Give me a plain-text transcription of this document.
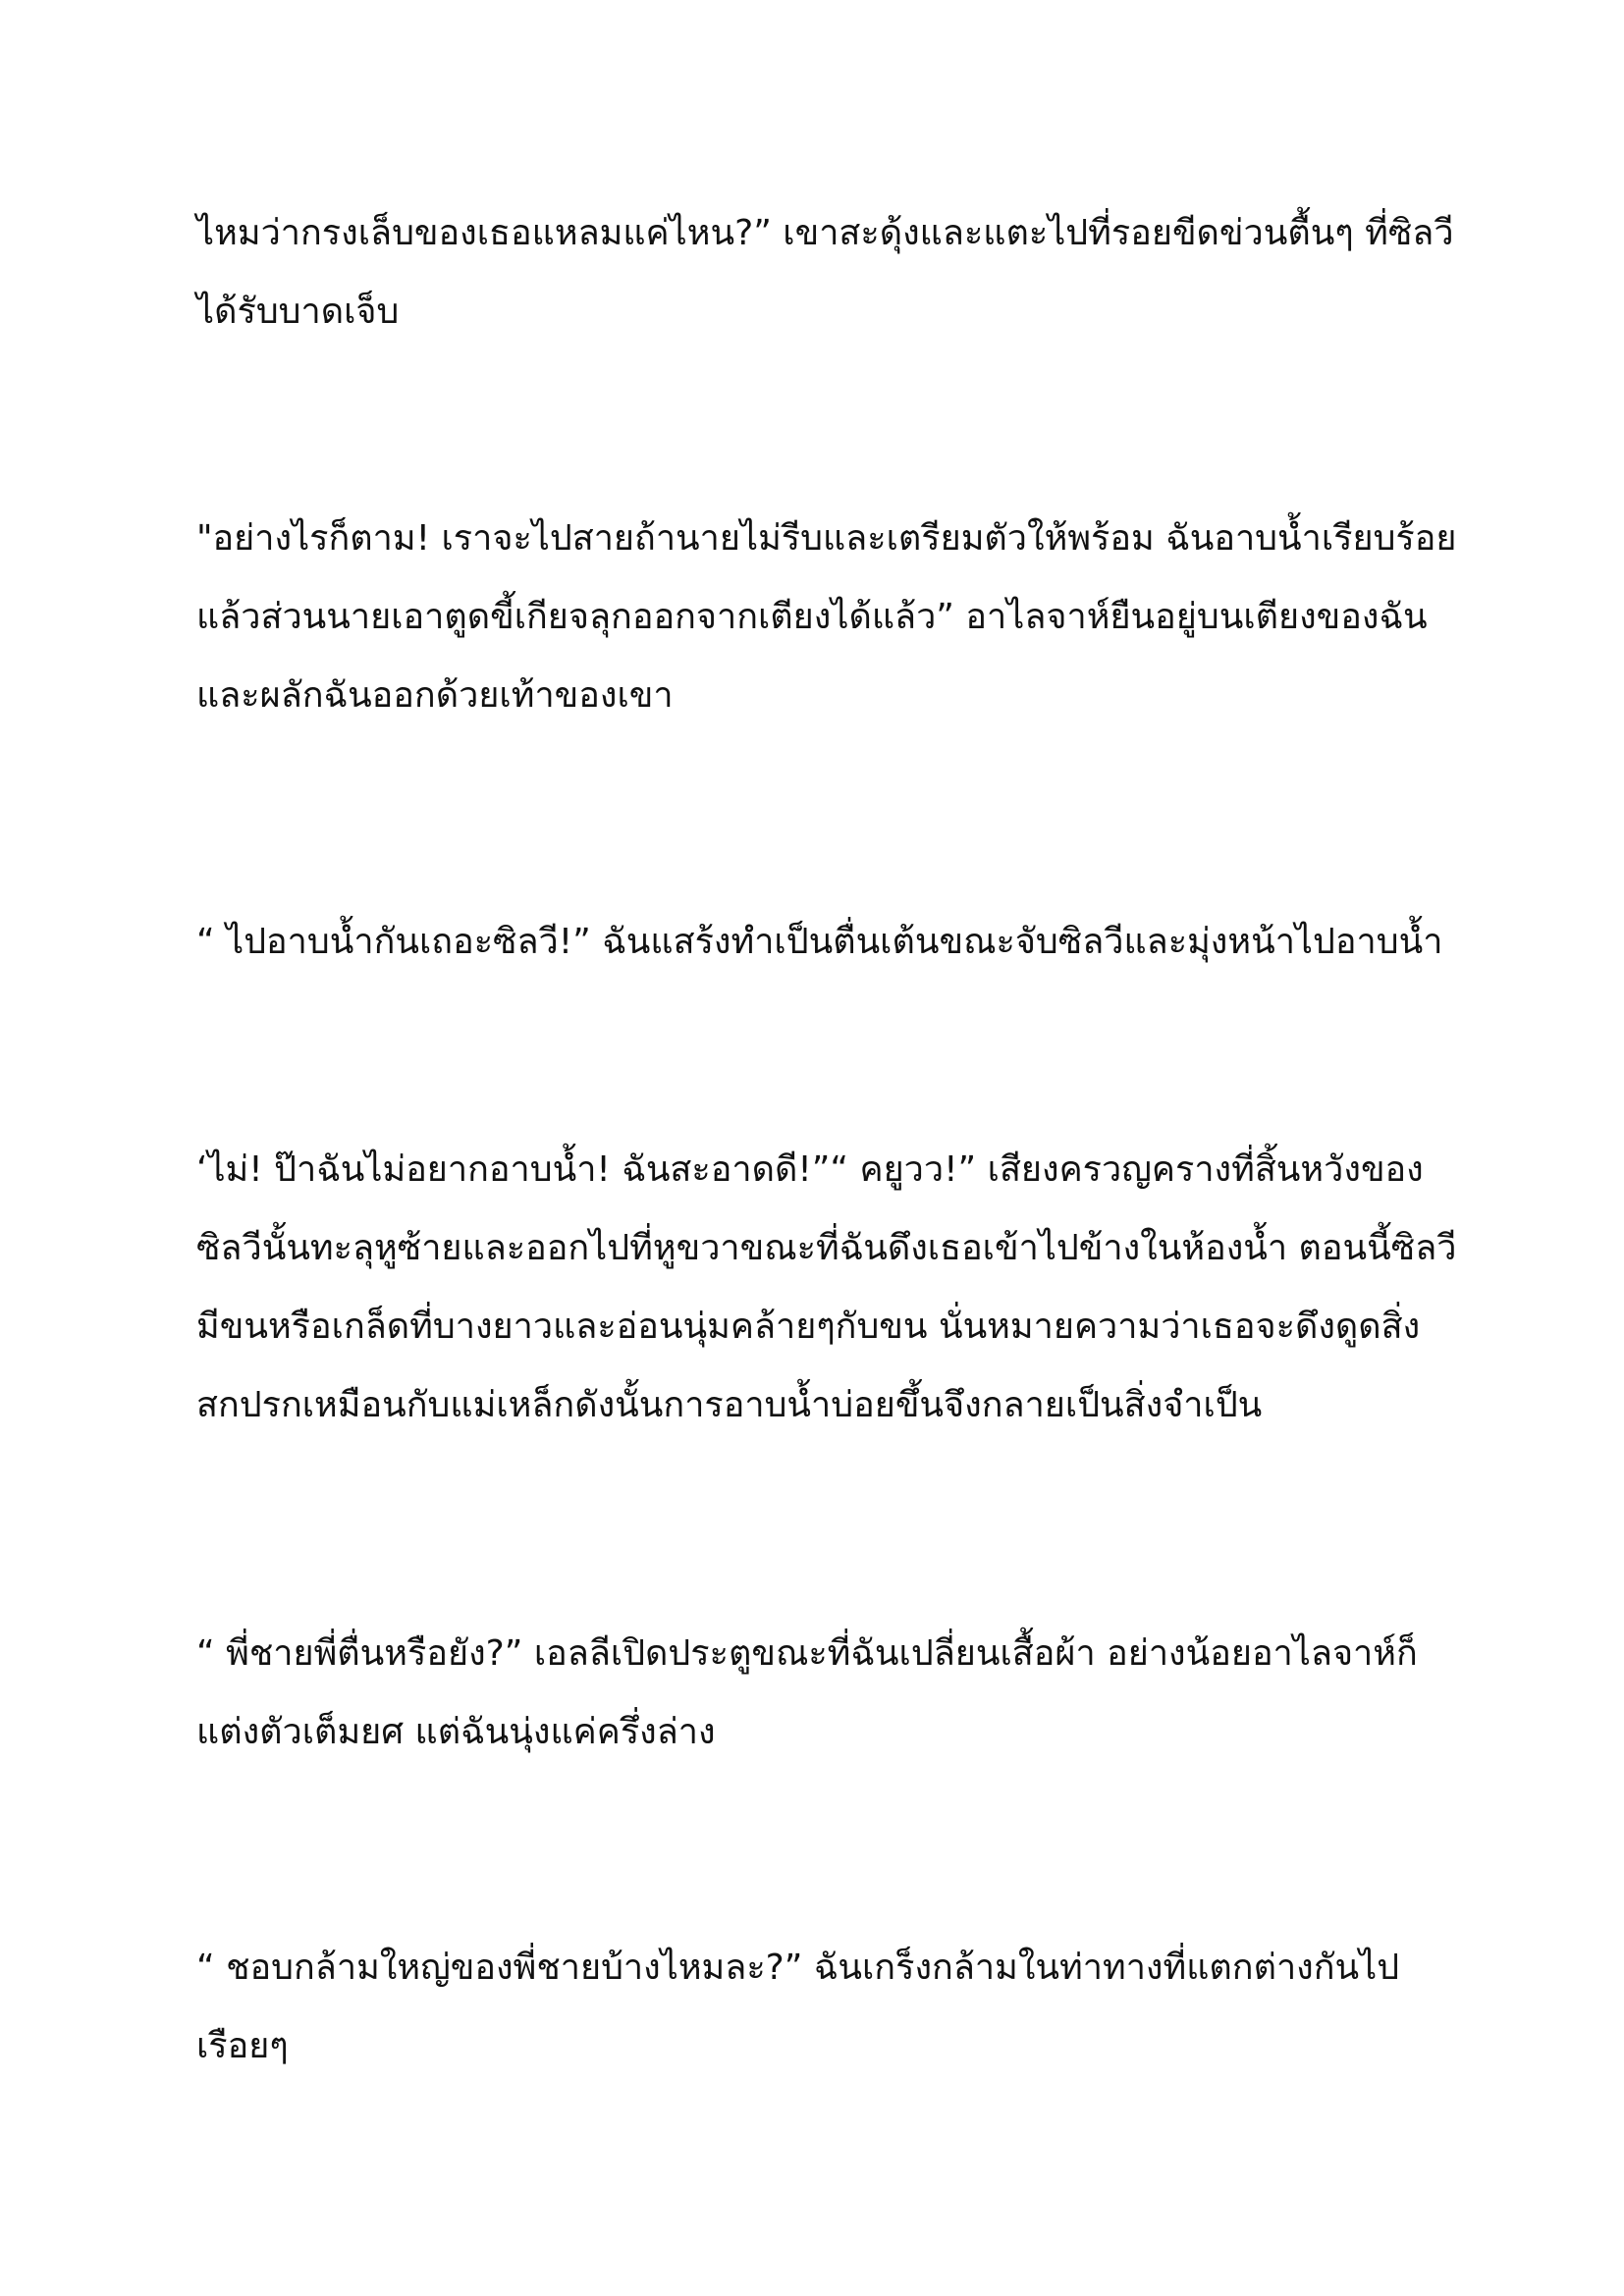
ไหมว่ากรงเล็บของเธอแหลมแค่ไหน?” เขาสะดุ้งและแตะไปที่รอยขีดข่วนตื้นๆ ที่ซิลวี
ได้รับบาดเจ็บ
"อย่างไรก็ตาม! เราจะไปสายถ้านายไม่รีบและเตรียมตัวให้พร้อม ฉันอาบน้ำเรียบร้อย
แล้วส่วนนายเอาตูดขี้เกียจลุกออกจากเตียงได้แล้ว” อาไลจาห์ยืนอยู่บนเตียงของฉัน
และผลักฉันออกด้วยเท้าของเขา
“ ไปอาบน้ำกันเถอะซิลวี!” ฉันแสร้งทำเป็นตื่นเต้นขณะจับซิลวีและมุ่งหน้าไปอาบน้ำ
‘ไม่! ป๊าฉันไม่อยากอาบน้ำ! ฉันสะอาดดี!”“ คยูวว!” เสียงครวญครางที่สิ้นหวังของ
ซิลวีนั้นทะลุหูซ้ายและออกไปที่หูขวาขณะที่ฉันดึงเธอเข้าไปข้างในห้องน้ำ ตอนนี้ซิลวี
มีขนหรือเกล็ดที่บางยาวและอ่อนนุ่มคล้ายๆกับขน นั่นหมายความว่าเธอจะดึงดูดสิ่ง
สกปรกเหมือนกับแม่เหล็กดังนั้นการอาบน้ำบ่อยขึ้นจึงกลายเป็นสิ่งจำเป็น
“ พี่ชายพี่ตื่นหรือยัง?” เอลลีเปิดประตูขณะที่ฉันเปลี่ยนเสื้อผ้า อย่างน้อยอาไลจาห์ก็
แต่งตัวเต็มยศ แต่ฉันนุ่งแค่ครึ่งล่าง
“ ชอบกล้ามใหญ่ของพี่ชายบ้างไหมละ?” ฉันเกร็งกล้ามในท่าทางที่แตกต่างกันไป
เรือยๆ
